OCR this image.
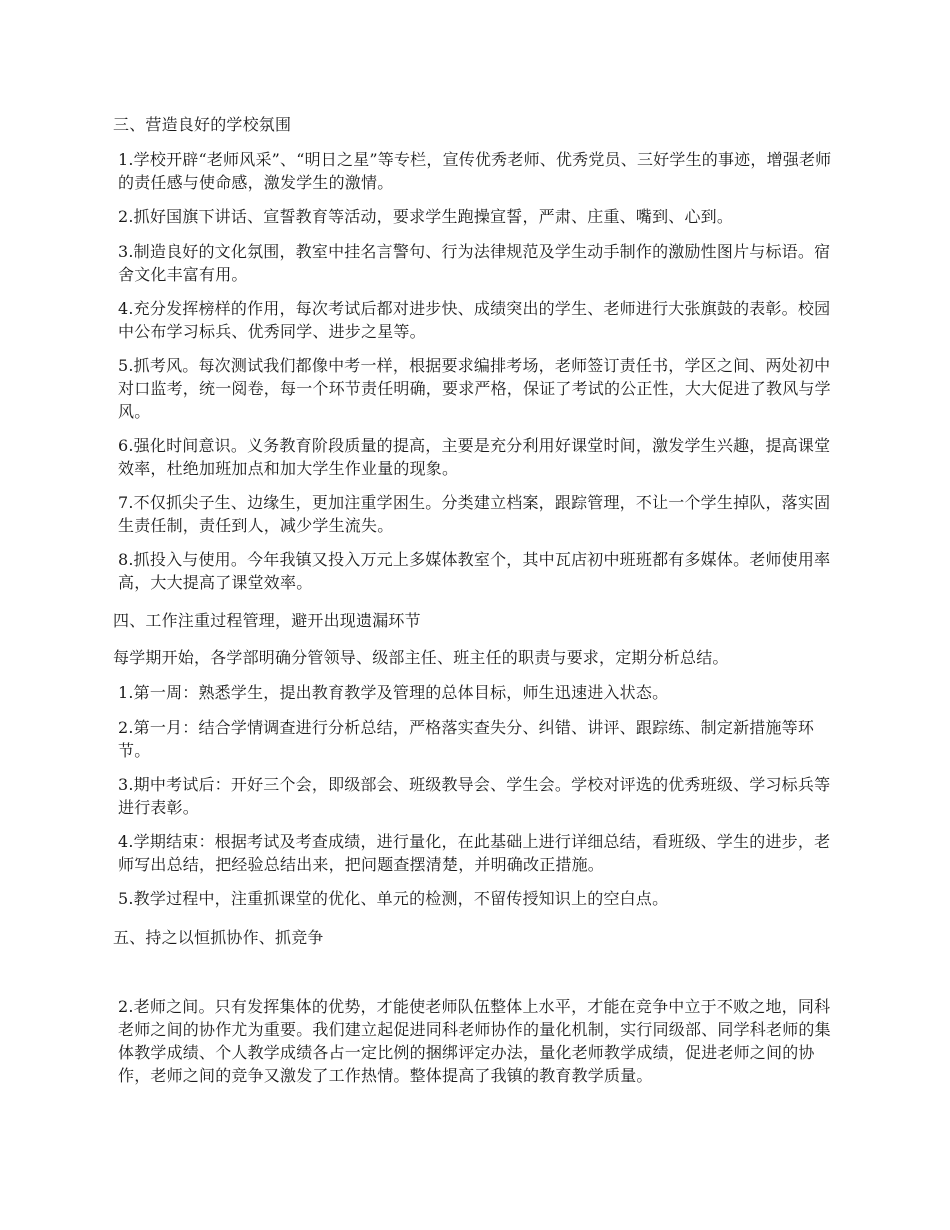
三、营造良好的学校氛围

1.学校开辟“老师风采”、“明日之星”等专栏，宣传优秀老师、优秀党员、三好学生的事迹，增强老师的责任感与使命感，激发学生的激情。

2.抓好国旗下讲话、宣誓教育等活动，要求学生跑操宣誓，严肃、庄重、嘴到、心到。

3.制造良好的文化氛围，教室中挂名言警句、行为法律规范及学生动手制作的激励性图片与标语。宿舍文化丰富有用。

4.充分发挥榜样的作用，每次考试后都对进步快、成绩突出的学生、老师进行大张旗鼓的表彰。校园中公布学习标兵、优秀同学、进步之星等。

5.抓考风。每次测试我们都像中考一样，根据要求编排考场，老师签订责任书，学区之间、两处初中对口监考，统一阅卷，每一个环节责任明确，要求严格，保证了考试的公正性，大大促进了教风与学风。

6.强化时间意识。义务教育阶段质量的提高，主要是充分利用好课堂时间，激发学生兴趣，提高课堂效率，杜绝加班加点和加大学生作业量的现象。

7.不仅抓尖子生、边缘生，更加注重学困生。分类建立档案，跟踪管理，不让一个学生掉队，落实固生责任制，责任到人，减少学生流失。

8.抓投入与使用。今年我镇又投入万元上多媒体教室个，其中瓦店初中班班都有多媒体。老师使用率高，大大提高了课堂效率。

四、工作注重过程管理，避开出现遗漏环节

每学期开始，各学部明确分管领导、级部主任、班主任的职责与要求，定期分析总结。

1.第一周：熟悉学生，提出教育教学及管理的总体目标，师生迅速进入状态。

2.第一月：结合学情调查进行分析总结，严格落实查失分、纠错、讲评、跟踪练、制定新措施等环节。

3.期中考试后：开好三个会，即级部会、班级教导会、学生会。学校对评选的优秀班级、学习标兵等进行表彰。

4.学期结束：根据考试及考查成绩，进行量化，在此基础上进行详细总结，看班级、学生的进步，老师写出总结，把经验总结出来，把问题查摆清楚，并明确改正措施。

5.教学过程中，注重抓课堂的优化、单元的检测，不留传授知识上的空白点。

五、持之以恒抓协作、抓竞争

2.老师之间。只有发挥集体的优势，才能使老师队伍整体上水平，才能在竞争中立于不败之地，同科老师之间的协作尤为重要。我们建立起促进同科老师协作的量化机制，实行同级部、同学科老师的集体教学成绩、个人教学成绩各占一定比例的捆绑评定办法，量化老师教学成绩，促进老师之间的协作，老师之间的竞争又激发了工作热情。整体提高了我镇的教育教学质量。
